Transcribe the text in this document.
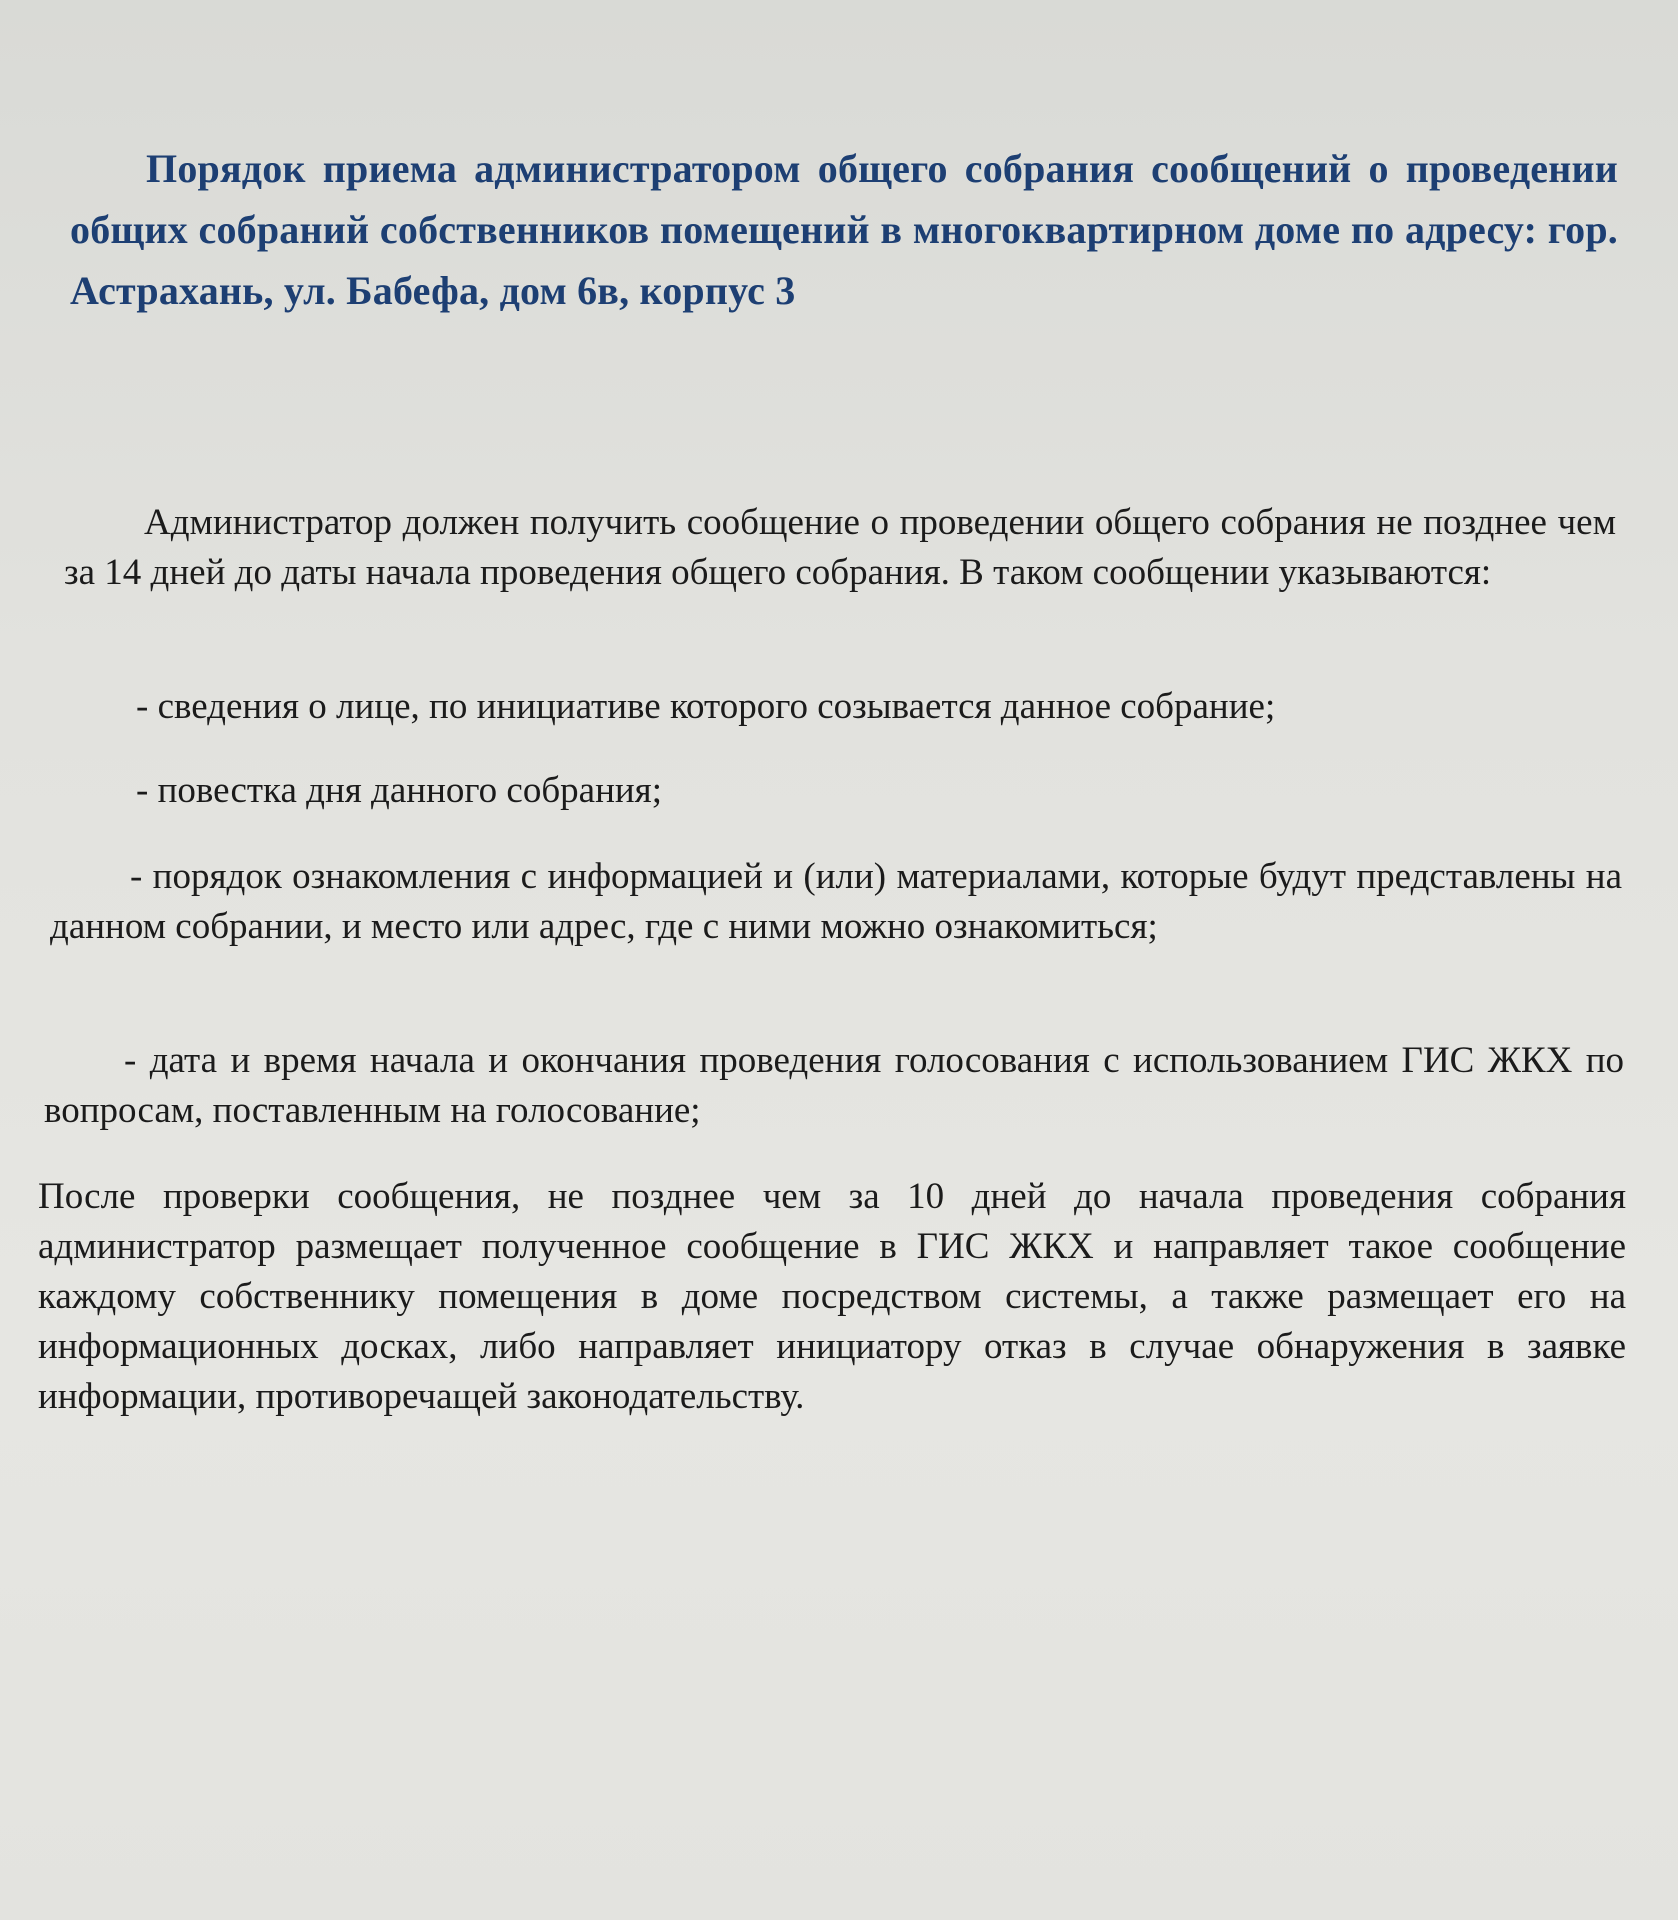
Порядок приема администратором общего собрания сообщений о проведении общих собраний собственников помещений в многоквартирном доме по адресу: гор. Астрахань, ул. Бабефа, дом 6в, корпус 3

Администратор должен получить сообщение о проведении общего собрания не позднее чем за 14 дней до даты начала проведения общего собрания. В таком сообщении указываются:

- сведения о лице, по инициативе которого созывается данное собрание;

- повестка дня данного собрания;

- порядок ознакомления с информацией и (или) материалами, которые будут представлены на данном собрании, и место или адрес, где с ними можно ознакомиться;

- дата и время начала и окончания проведения голосования с использованием ГИС ЖКХ по вопросам, поставленным на голосование;

После проверки сообщения, не позднее чем за 10 дней до начала проведения собрания администратор размещает полученное сообщение в ГИС ЖКХ и направляет такое сообщение каждому собственнику помещения в доме посредством системы, а также размещает его на информационных досках, либо направляет инициатору отказ в случае обнаружения в заявке информации, противоречащей законодательству.
